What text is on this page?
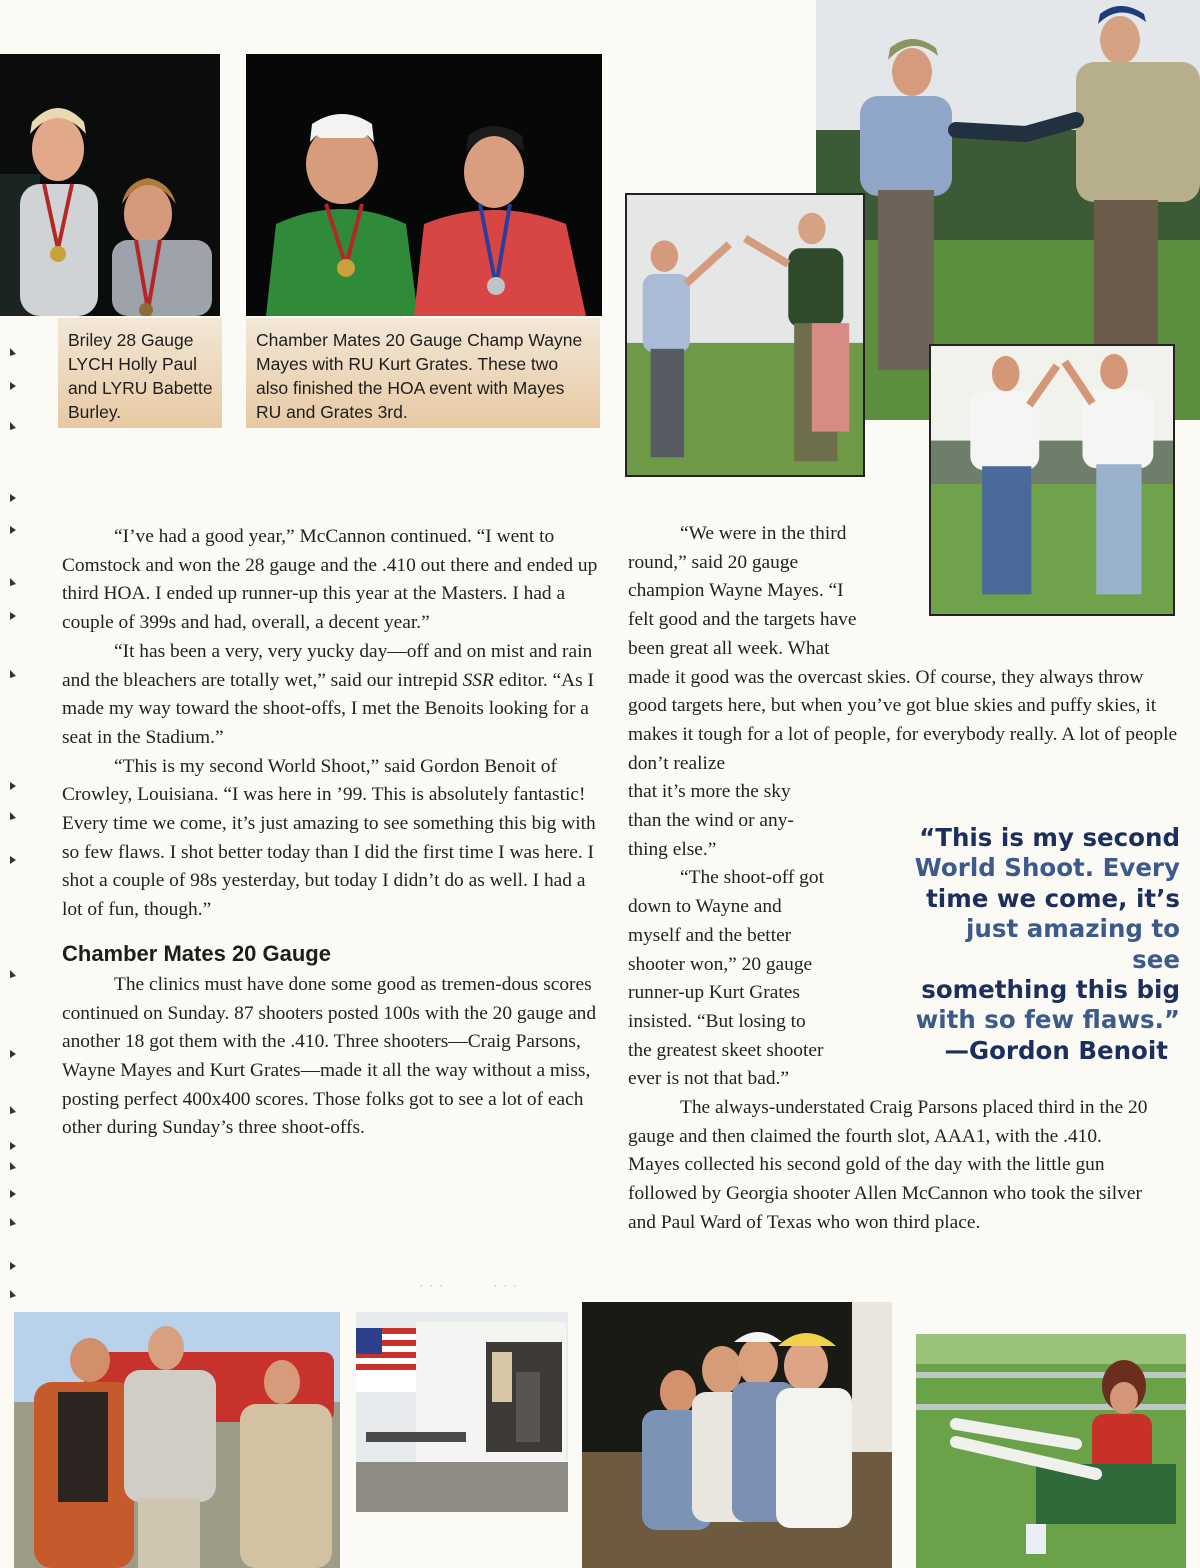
Briley 28 Gauge LYCH Holly Paul and LYRU Babette Burley.
Chamber Mates 20 Gauge Champ Wayne Mayes with RU Kurt Grates. These two also finished the HOA event with Mayes RU and Grates 3rd.

“I’ve had a good year,” McCannon continued. “I went to Comstock and won the 28 gauge and the .410 out there and ended up third HOA. I ended up runner-up this year at the Masters. I had a couple of 399s and had, overall, a decent year.”

“It has been a very, very yucky day—off and on mist and rain and the bleachers are totally wet,” said our intrepid SSR editor. “As I made my way toward the shoot-offs, I met the Benoits looking for a seat in the Stadium.”

“This is my second World Shoot,” said Gordon Benoit of Crowley, Louisiana. “I was here in ’99. This is absolutely fantastic! Every time we come, it’s just amazing to see something this big with so few flaws. I shot better today than I did the first time I was here. I shot a couple of 98s yesterday, but today I didn’t do as well. I had a lot of fun, though.”

Chamber Mates 20 Gauge

The clinics must have done some good as tremen-dous scores continued on Sunday. 87 shooters posted 100s with the 20 gauge and another 18 got them with the .410. Three shooters—Craig Parsons, Wayne Mayes and Kurt Grates—made it all the way without a miss, posting perfect 400x400 scores. Those folks got to see a lot of each other during Sunday’s three shoot-offs.

“We were in the third
round,” said 20 gauge
champion Wayne Mayes. “I
felt good and the targets have
been great all week. What
made it good was the overcast skies. Of course, they always throw good targets here, but when you’ve got blue skies and puffy skies, it makes it tough for a lot of people, for everybody really. A lot of people don’t realize
that it’s more the sky
than the wind or any-
thing else.”
“The shoot-off got
down to Wayne and
myself and the better
shooter won,” 20 gauge
runner-up Kurt Grates
insisted. “But losing to
the greatest skeet shooter
ever is not that bad.”

The always-understated Craig Parsons placed third in the 20 gauge and then claimed the fourth slot, AAA1, with the .410. Mayes collected his second gold of the day with the little gun followed by Georgia shooter Allen McCannon who took the silver and Paul Ward of Texas who won third place.

“This is my second
World Shoot. Every
time we come, it’s
just amazing to see
something this big
with so few flaws.”
—Gordon Benoit
· · ·	· · ·
